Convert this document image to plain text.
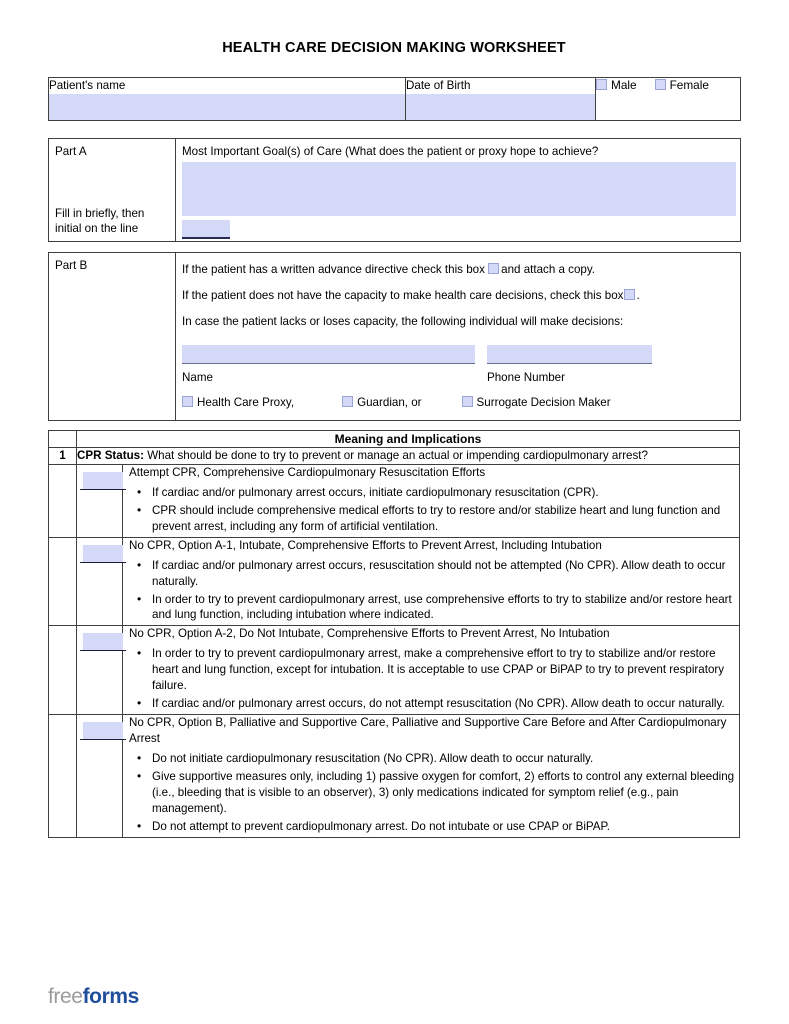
HEALTH CARE DECISION MAKING WORKSHEET
Patient's name	Date of Birth	Male	Female
Part A
Fill in briefly, then
initial on the line

Most Important Goal(s) of Care (What does the patient or proxy hope to achieve?
Part B	If the patient has a written advance directive check this box and attach a copy.
If the patient does not have the capacity to make health care decisions, check this box .
In case the patient lacks or loses capacity, the following individual will make decisions:
Name	Phone Number
Health Care Proxy,	Guardian, or	Surrogate Decision Maker
	Meaning and Implications	
1	CPR Status: What should be done to try to prevent or manage an actual or impending cardiopulmonary arrest?	

Attempt CPR, Comprehensive Cardiopulmonary Resuscitation Efforts
• If cardiac and/or pulmonary arrest occurs, initiate cardiopulmonary resuscitation (CPR).
• CPR should include comprehensive medical efforts to try to restore and/or stabilize heart and lung function and prevent arrest, including any form of artificial ventilation.

No CPR, Option A-1, Intubate, Comprehensive Efforts to Prevent Arrest, Including Intubation
• If cardiac and/or pulmonary arrest occurs, resuscitation should not be attempted (No CPR). Allow death to occur naturally.
• In order to try to prevent cardiopulmonary arrest, use comprehensive efforts to try to stabilize and/or restore heart and lung function, including intubation where indicated.

No CPR, Option A-2, Do Not Intubate, Comprehensive Efforts to Prevent Arrest, No Intubation
• In order to try to prevent cardiopulmonary arrest, make a comprehensive effort to try to stabilize and/or restore heart and lung function, except for intubation. It is acceptable to use CPAP or BiPAP to try to prevent respiratory failure.
• If cardiac and/or pulmonary arrest occurs, do not attempt resuscitation (No CPR). Allow death to occur naturally.

No CPR, Option B, Palliative and Supportive Care, Palliative and Supportive Care Before and After Cardiopulmonary Arrest
• Do not initiate cardiopulmonary resuscitation (No CPR). Allow death to occur naturally.
• Give supportive measures only, including 1) passive oxygen for comfort, 2) efforts to control any external bleeding (i.e., bleeding that is visible to an observer), 3) only medications indicated for symptom relief (e.g., pain management).
• Do not attempt to prevent cardiopulmonary arrest. Do not intubate or use CPAP or BiPAP.
freeforms
